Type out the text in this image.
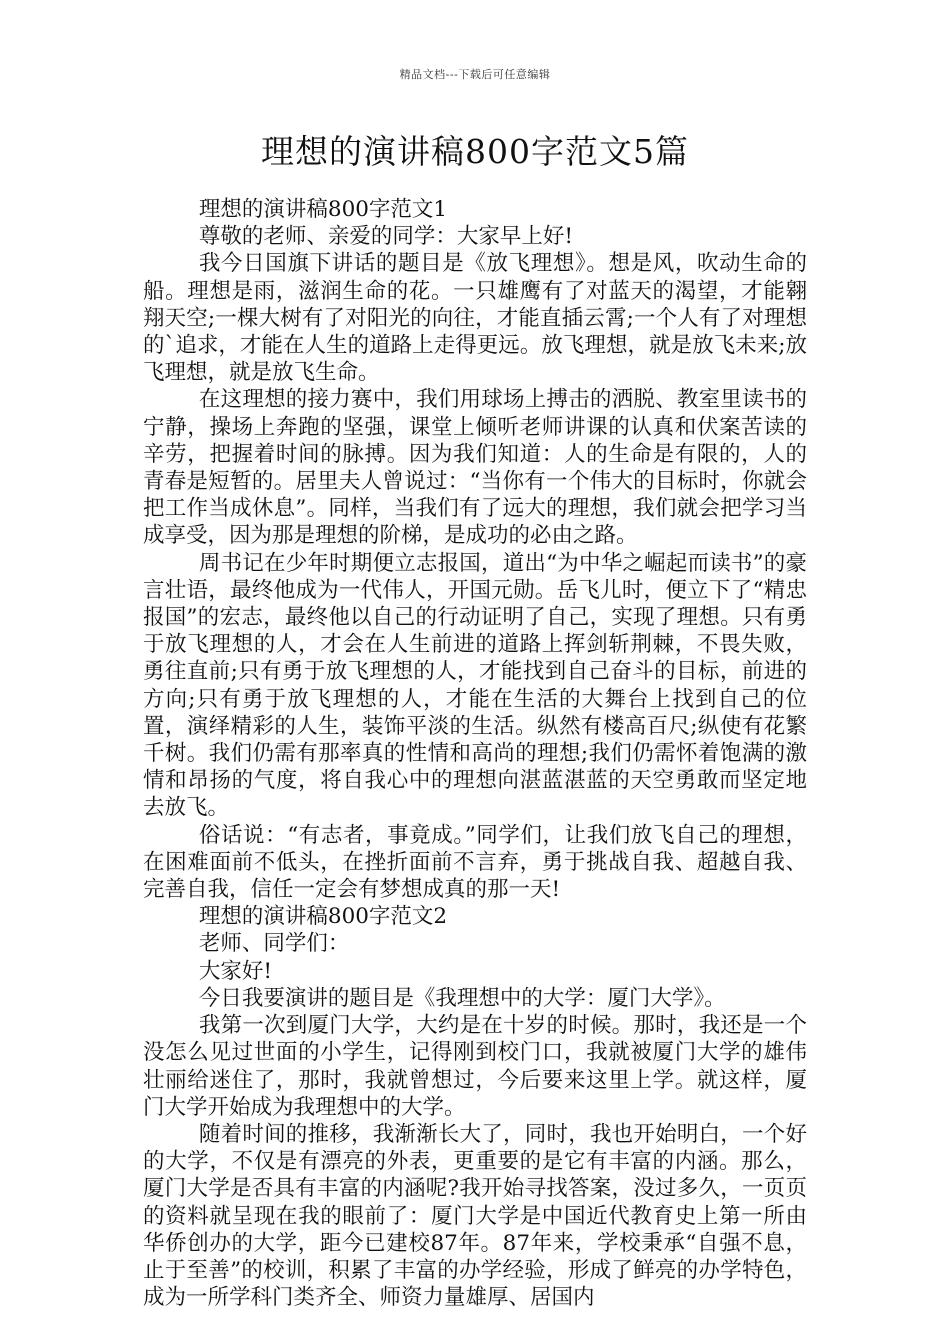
精品文档---下载后可任意编辑
理想的演讲稿800字范文5篇

理想的演讲稿800字范文1

尊敬的老师、亲爱的同学：大家早上好!

我今日国旗下讲话的题目是《放飞理想》。想是风，吹动生命的船。理想是雨，滋润生命的花。一只雄鹰有了对蓝天的渴望，才能翱翔天空;一棵大树有了对阳光的向往，才能直插云霄;一个人有了对理想的`追求，才能在人生的道路上走得更远。放飞理想，就是放飞未来;放飞理想，就是放飞生命。

在这理想的接力赛中，我们用球场上搏击的洒脱、教室里读书的 宁静，操场上奔跑的坚强，课堂上倾听老师讲课的认真和伏案苦读的辛劳，把握着时间的脉搏。因为我们知道：人的生命是有限的，人的青春是短暂的。居里夫人曾说过：“当你有一个伟大的目标时，你就会把工作当成休息”。同样，当我们有了远大的理想，我们就会把学习当成享受，因为那是理想的阶梯，是成功的必由之路。

周书记在少年时期便立志报国，道出“为中华之崛起而读书”的豪言壮语，最终他成为一代伟人，开国元勋。岳飞儿时，便立下了“精忠报国”的宏志，最终他以自己的行动证明了自己，实现了理想。只有勇于放飞理想的人，才会在人生前进的道路上挥剑斩荆棘，不畏失败，勇往直前;只有勇于放飞理想的人，才能找到自己奋斗的目标，前进的方向;只有勇于放飞理想的人，才能在生活的大舞台上找到自己的位置，演绎精彩的人生，装饰平淡的生活。纵然有楼高百尺;纵使有花繁千树。我们仍需有那率真的性情和高尚的理想;我们仍需怀着饱满的激情和昂扬的气度，将自我心中的理想向湛蓝湛蓝的天空勇敢而坚定地去放飞。

俗话说：“有志者，事竟成。”同学们，让我们放飞自己的理想，在困难面前不低头，在挫折面前不言弃，勇于挑战自我、超越自我、完善自我，信任一定会有梦想成真的那一天!

理想的演讲稿800字范文2

老师、同学们：

大家好!

今日我要演讲的题目是《我理想中的大学：厦门大学》。

我第一次到厦门大学，大约是在十岁的时候。那时，我还是一个没怎么见过世面的小学生，记得刚到校门口，我就被厦门大学的雄伟壮丽给迷住了，那时，我就曾想过，今后要来这里上学。就这样，厦门大学开始成为我理想中的大学。

随着时间的推移，我渐渐长大了，同时，我也开始明白，一个好的大学，不仅是有漂亮的外表，更重要的是它有丰富的内涵。那么，厦门大学是否具有丰富的内涵呢?我开始寻找答案，没过多久，一页页的资料就呈现在我的眼前了：厦门大学是中国近代教育史上第一所由华侨创办的大学，距今已建校87年。87年来，学校秉承“自强不息，止于至善”的校训，积累了丰富的办学经验，形成了鲜亮的办学特色，成为一所学科门类齐全、师资力量雄厚、居国内
